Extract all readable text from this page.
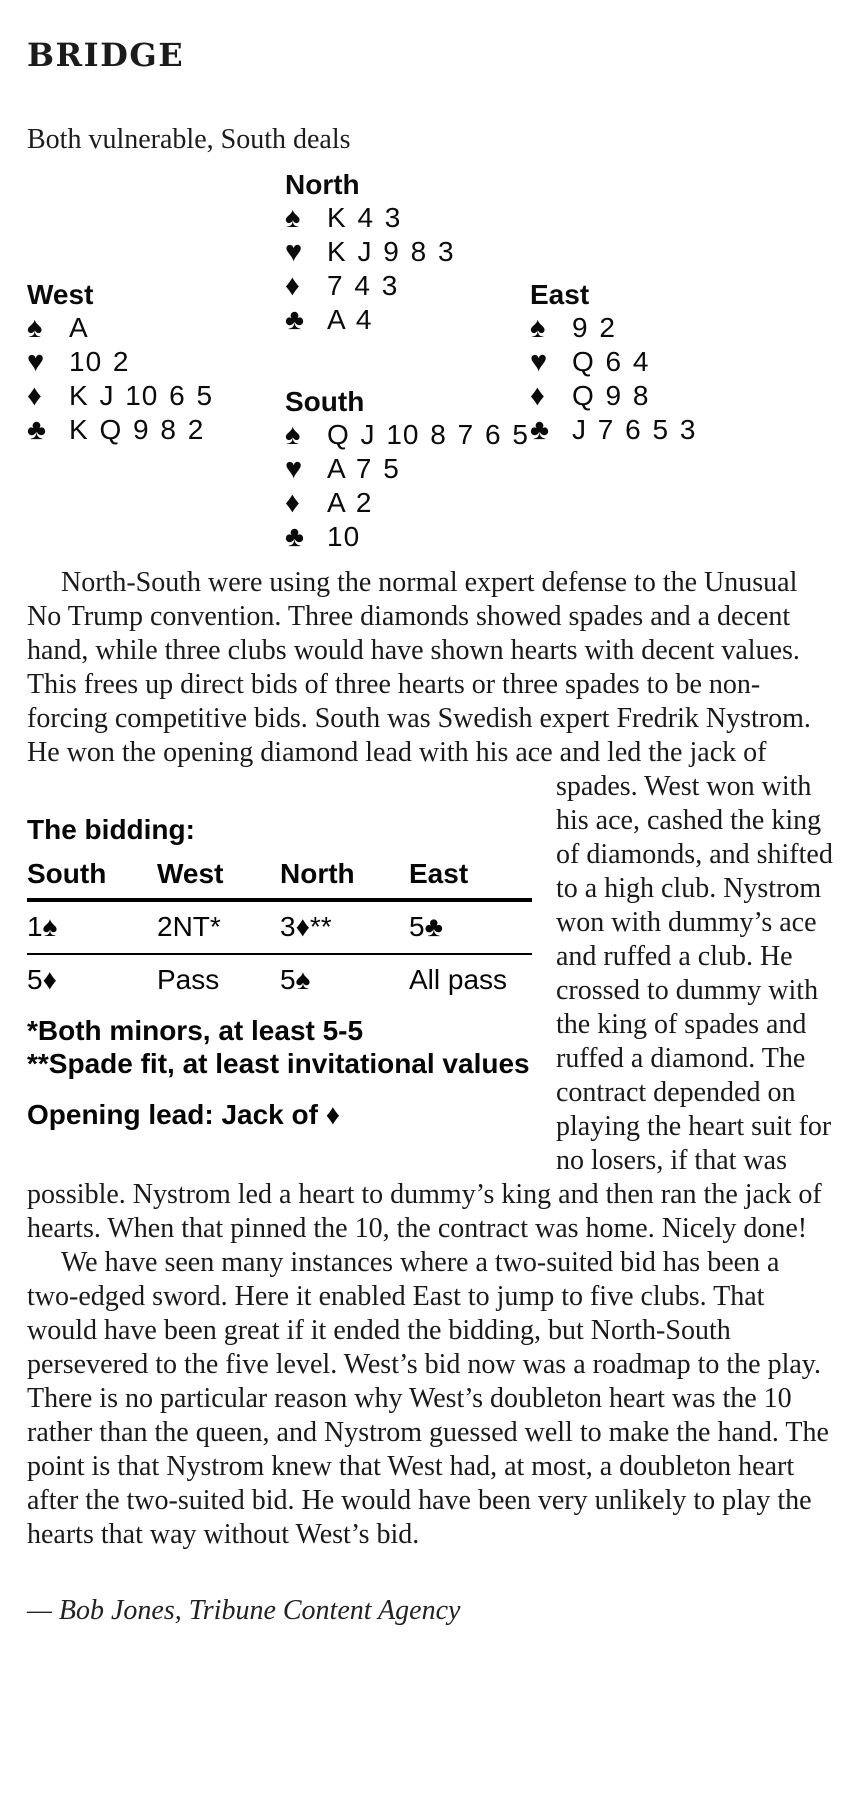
BRIDGE

Both vulnerable, South deals

North
♠ K 4 3
♥ K J 9 8 3
♦ 7 4 3
♣ A 4
West
♠ A
♥ 10 2
♦ K J 10 6 5
♣ K Q 9 8 2
East
♠ 9 2
♥ Q 6 4
♦ Q 9 8
♣ J 7 6 5 3
South
♠ Q J 10 8 7 6 5
♥ A 7 5
♦ A 2
♣ 10
North-South were using the normal expert defense to the Unusual No Trump convention. Three diamonds showed spades and a decent hand, while three clubs would have shown hearts with decent values. This frees up direct bids of three hearts or three spades to be non-forcing competitive bids. South was Swedish expert Fredrik Nystrom. He won the opening diamond lead with his ace and led
The bidding:
South	West	North	East
1♠	2NT*	3♦**	5♣
5♦	Pass	5♠	All pass
*Both minors, at least 5-5
**Spade fit, at least invitational values
Opening lead: Jack of ♦
the jack of spades. West won with his ace, cashed the king of diamonds, and shifted to a high club. Nystrom won with dummy’s ace and ruffed a club. He crossed to dummy with the king of spades and ruffed a diamond. The contract depended on playing the heart suit for no losers, if that was possible. Nystrom led a heart to dummy’s king and then ran the jack of hearts. When that pinned the 10, the contract was home. Nicely done!
We have seen many instances where a two-suited bid has been a two-edged sword. Here it enabled East to jump to five clubs. That would have been great if it ended the bidding, but North-South persevered to the five level. West’s bid now was a roadmap to the play. There is no particular reason why West’s doubleton heart was the 10 rather than the queen, and Nystrom guessed well to make the hand. The point is that Nystrom knew that West had, at most, a doubleton heart after the two-suited bid. He would have been very unlikely to play the hearts that way without West’s bid.
— Bob Jones, Tribune Content Agency
